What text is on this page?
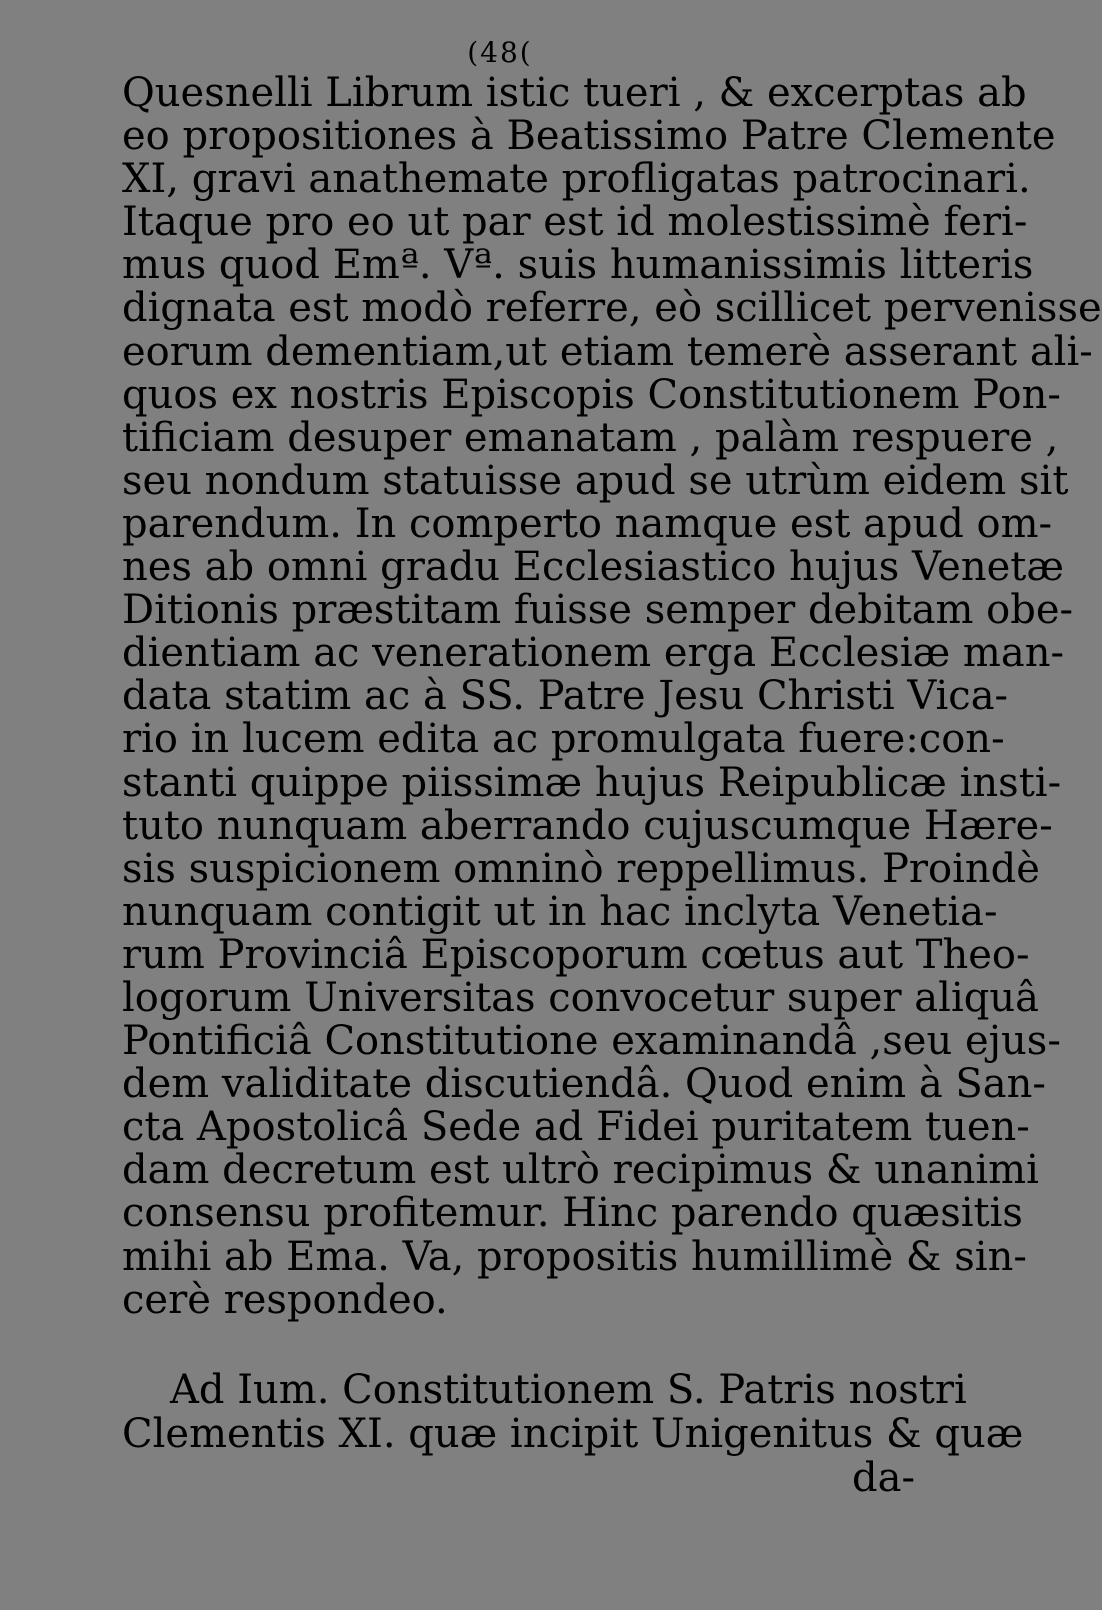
(48(
Quesnelli Librum istic tueri , & excerptas ab
eo propositiones à Beatissimo Patre Clemente
XI, gravi anathemate profligatas patrocinari.
Itaque pro eo ut par est id molestissimè feri-
mus quod Emª. Vª. suis humanissimis litteris
dignata est modò referre, eò scillicet pervenisse
eorum dementiam,ut etiam temerè asserant ali-
quos ex nostris Episcopis Constitutionem Pon-
tificiam desuper emanatam , palàm respuere ,
seu nondum statuisse apud se utrùm eidem sit
parendum. In comperto namque est apud om-
nes ab omni gradu Ecclesiastico hujus Venetæ
Ditionis præstitam fuisse semper debitam obe-
dientiam ac venerationem erga Ecclesiæ man-
data statim ac à SS. Patre Jesu Christi Vica-
rio in lucem edita ac promulgata fuere:con-
stanti quippe piissimæ hujus Reipublicæ insti-
tuto nunquam aberrando cujuscumque Hære-
sis suspicionem omninò reppellimus. Proindè
nunquam contigit ut in hac inclyta Venetia-
rum Provinciâ Episcoporum cœtus aut Theo-
logorum Universitas convocetur super aliquâ
Pontificiâ Constitutione examinandâ ,seu ejus-
dem validitate discutiendâ. Quod enim à San-
cta Apostolicâ Sede ad Fidei puritatem tuen-
dam decretum est ultrò recipimus & unanimi
consensu profitemur. Hinc parendo quæsitis
mihi ab Ema. Va, propositis humillimè & sin-
cerè respondeo.
Ad Ium. Constitutionem S. Patris nostri
Clementis XI. quæ incipit Unigenitus & quæ
da-
